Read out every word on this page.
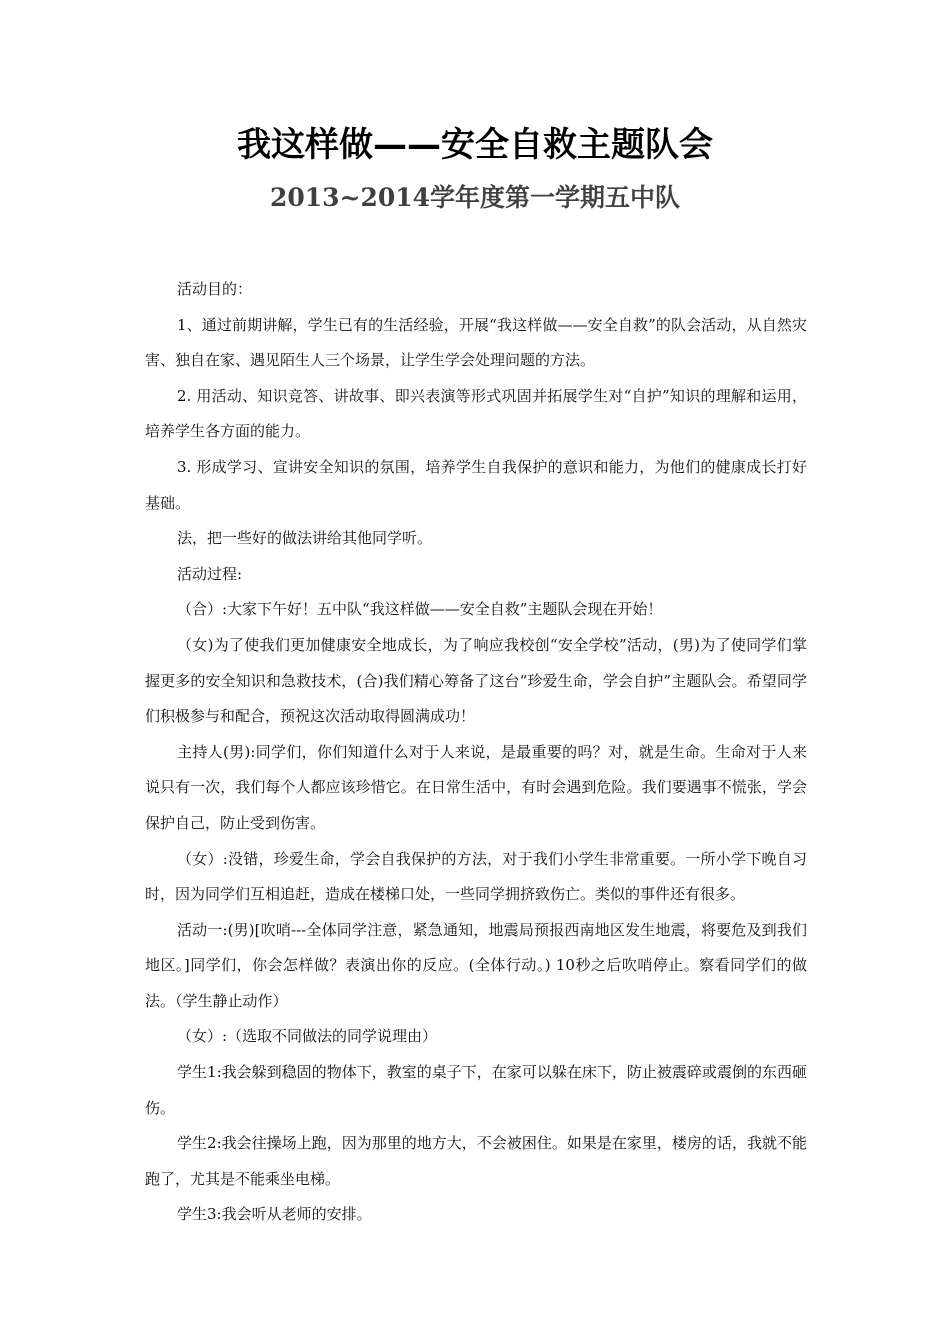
我这样做——安全自救主题队会
2013~2014学年度第一学期五中队

活动目的：

1、通过前期讲解，学生已有的生活经验，开展“我这样做——安全自救”的队会活动，从自然灾害、独自在家、遇见陌生人三个场景，让学生学会处理问题的方法。

2. 用活动、知识竞答、讲故事、即兴表演等形式巩固并拓展学生对“自护”知识的理解和运用，培养学生各方面的能力。

3. 形成学习、宣讲安全知识的氛围，培养学生自我保护的意识和能力，为他们的健康成长打好基础。

法，把一些好的做法讲给其他同学听。

活动过程:

（合）:大家下午好！五中队“我这样做——安全自救”主题队会现在开始！

（女)为了使我们更加健康安全地成长，为了响应我校创“安全学校”活动，(男)为了使同学们掌握更多的安全知识和急救技术，(合)我们精心筹备了这台“珍爱生命，学会自护”主题队会。希望同学们积极参与和配合，预祝这次活动取得圆满成功！

主持人(男):同学们，你们知道什么对于人来说，是最重要的吗？对，就是生命。生命对于人来说只有一次，我们每个人都应该珍惜它。在日常生活中，有时会遇到危险。我们要遇事不慌张，学会保护自己，防止受到伤害。

（女）:没错，珍爱生命，学会自我保护的方法，对于我们小学生非常重要。一所小学下晚自习时，因为同学们互相追赶，造成在楼梯口处，一些同学拥挤致伤亡。类似的事件还有很多。

活动一:(男)[吹哨---全体同学注意，紧急通知，地震局预报西南地区发生地震，将要危及到我们地区。]同学们，你会怎样做？表演出你的反应。(全体行动。) 10秒之后吹哨停止。察看同学们的做法。（学生静止动作）

（女）:（选取不同做法的同学说理由）

学生1:我会躲到稳固的物体下，教室的桌子下，在家可以躲在床下，防止被震碎或震倒的东西砸伤。

学生2:我会往操场上跑，因为那里的地方大，不会被困住。如果是在家里，楼房的话，我就不能跑了，尤其是不能乘坐电梯。

学生3:我会听从老师的安排。
